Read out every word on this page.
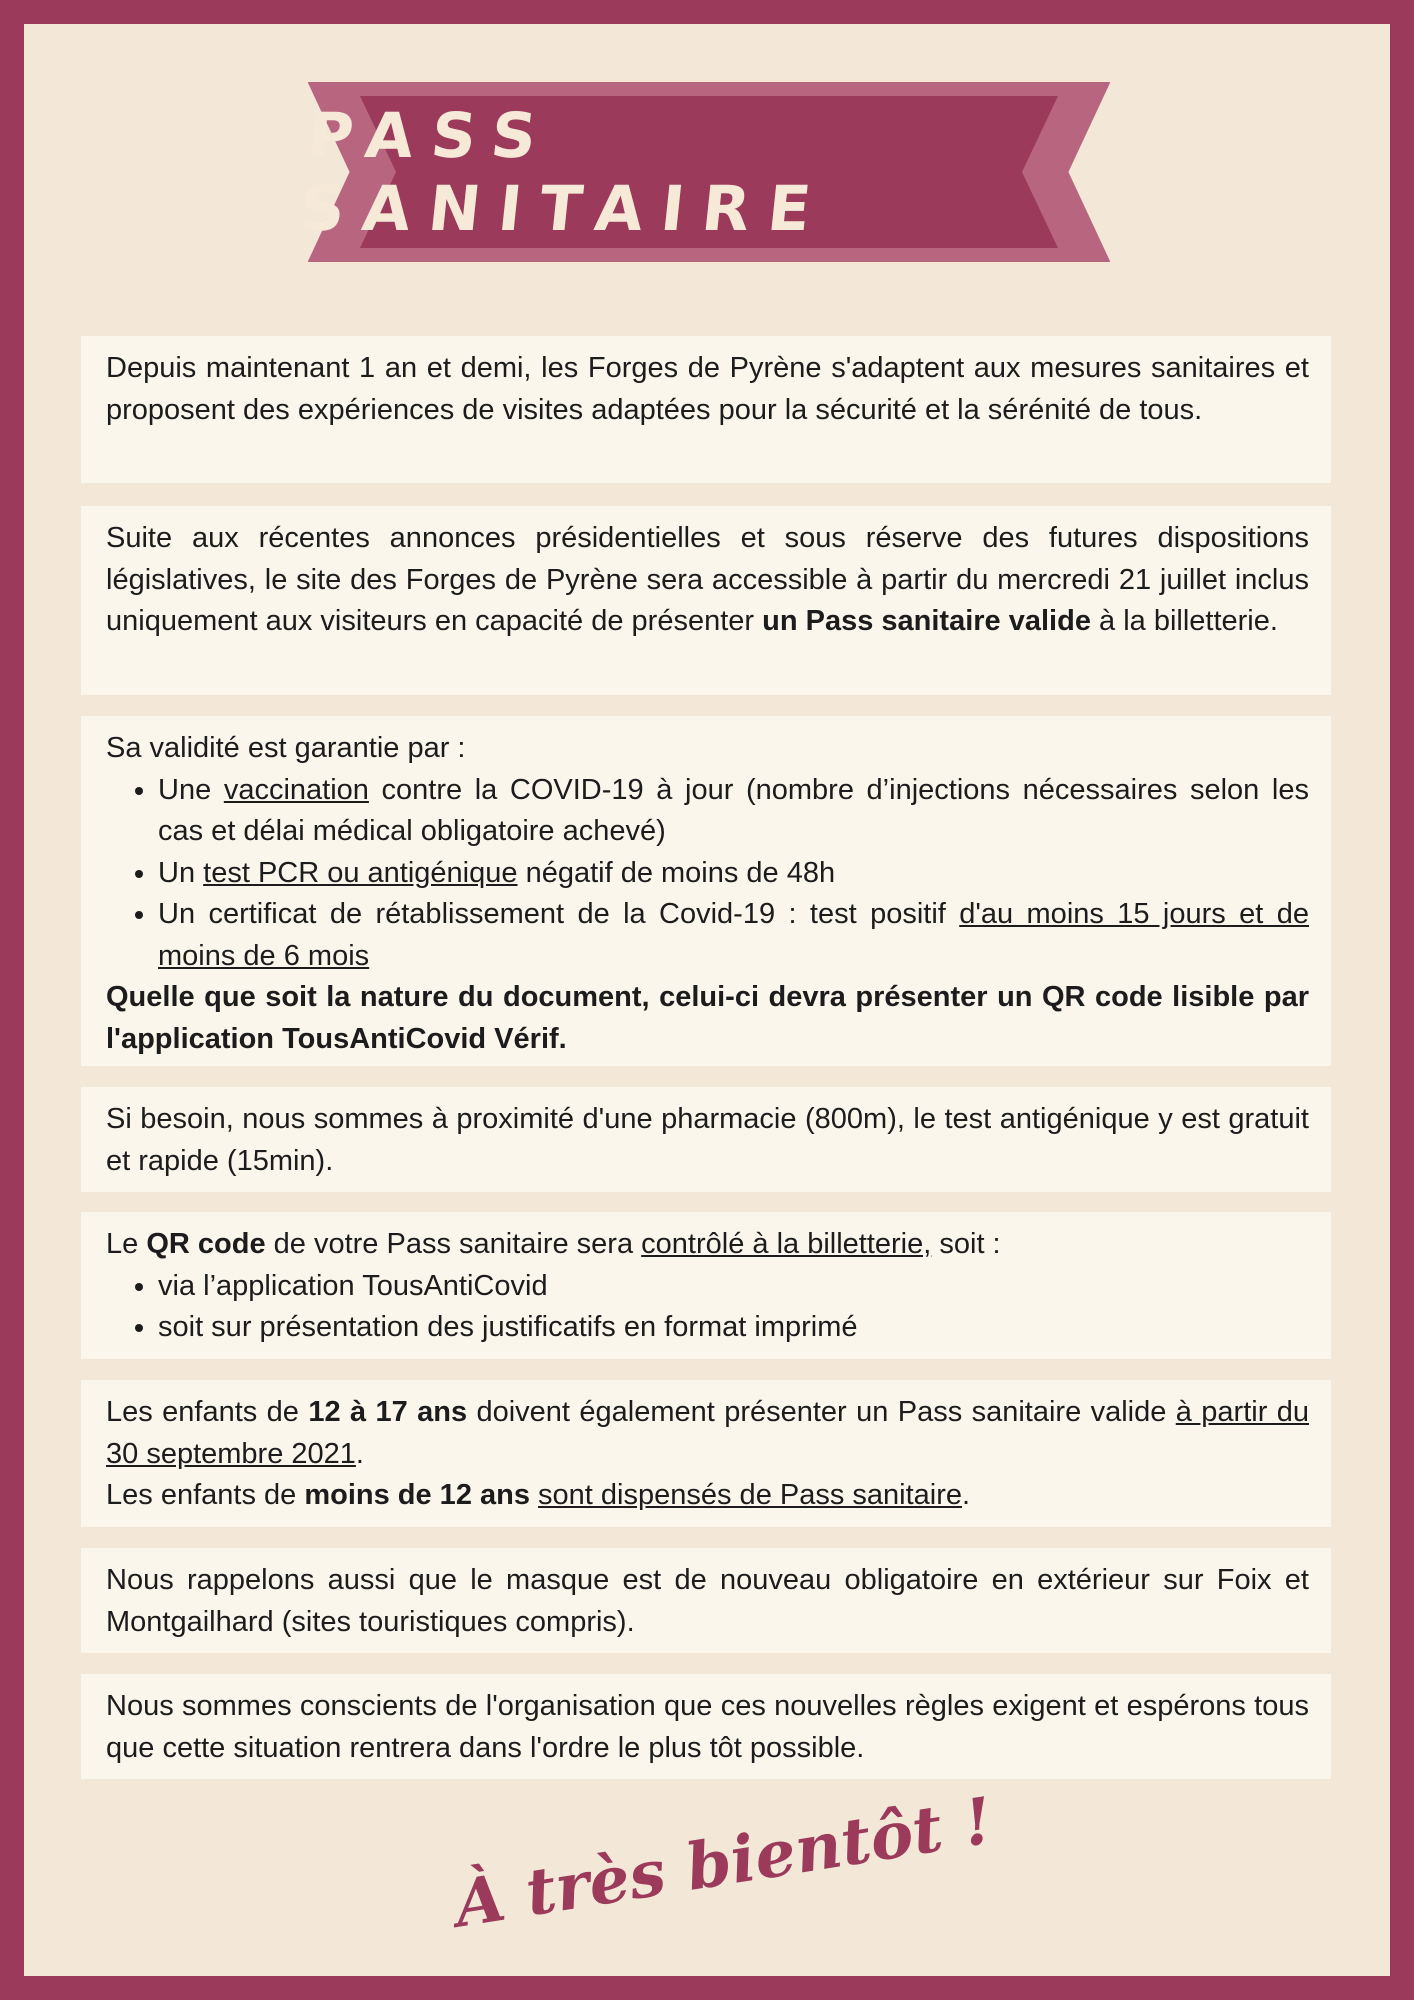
PASS SANITAIRE

Depuis maintenant 1 an et demi, les Forges de Pyrène s'adaptent aux mesures sanitaires et proposent des expériences de visites adaptées pour la sécurité et la sérénité de tous.

Suite aux récentes annonces présidentielles et sous réserve des futures dispositions législatives, le site des Forges de Pyrène sera accessible à partir du mercredi 21 juillet inclus uniquement aux visiteurs en capacité de présenter un Pass sanitaire valide à la billetterie.

Sa validité est garantie par :

• Une vaccination contre la COVID-19 à jour (nombre d’injections nécessaires selon les cas et délai médical obligatoire achevé)
• Un test PCR ou antigénique négatif de moins de 48h
• Un certificat de rétablissement de la Covid-19 : test positif d'au moins 15 jours et de moins de 6 mois

Quelle que soit la nature du document, celui-ci devra présenter un QR code lisible par l'application TousAntiCovid Vérif.

Si besoin, nous sommes à proximité d'une pharmacie (800m), le test antigénique y est gratuit et rapide (15min).

Le QR code de votre Pass sanitaire sera contrôlé à la billetterie, soit :

• via l’application TousAntiCovid
• soit sur présentation des justificatifs en format imprimé

Les enfants de 12 à 17 ans doivent également présenter un Pass sanitaire valide à partir du 30 septembre 2021.

Les enfants de moins de 12 ans sont dispensés de Pass sanitaire.

Nous rappelons aussi que le masque est de nouveau obligatoire en extérieur sur Foix et Montgailhard (sites touristiques compris).

Nous sommes conscients de l'organisation que ces nouvelles règles exigent et espérons tous que cette situation rentrera dans l'ordre le plus tôt possible.

À très bientôt !
